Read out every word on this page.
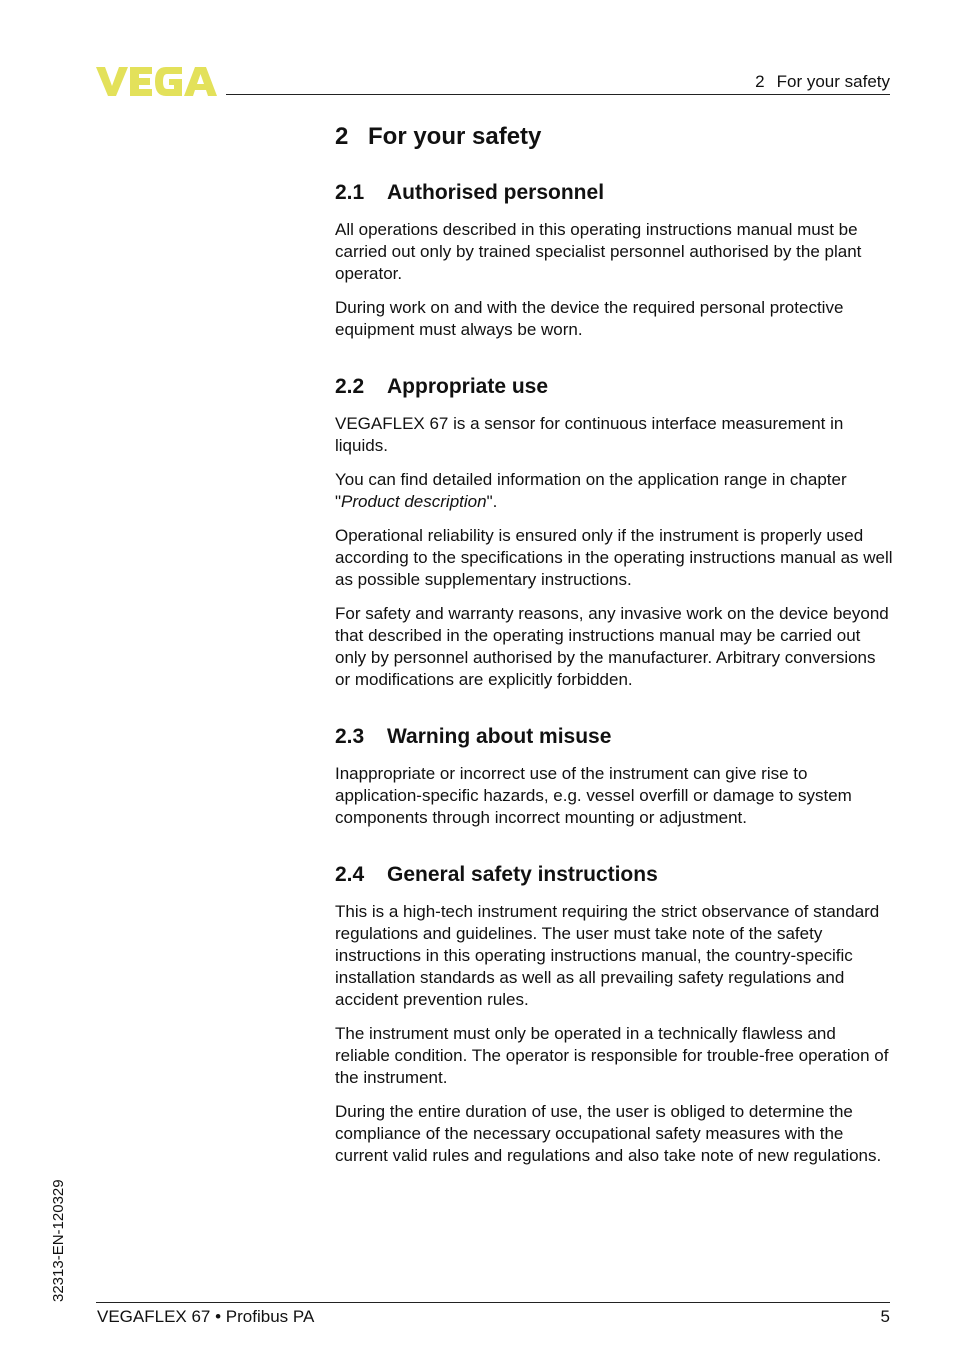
2 For your safety
2 For your safety
2.1 Authorised personnel

All operations described in this operating instructions manual must be carried out only by trained specialist personnel authorised by the plant operator.

During work on and with the device the required personal protective equipment must always be worn.

2.2 Appropriate use

VEGAFLEX 67 is a sensor for continuous interface measurement in liquids.

You can find detailed information on the application range in chapter "Product description".

Operational reliability is ensured only if the instrument is properly used according to the specifications in the operating instructions manual as well as possible supplementary instructions.

For safety and warranty reasons, any invasive work on the device beyond that described in the operating instructions manual may be carried out only by personnel authorised by the manufacturer. Arbitrary conversions or modifications are explicitly forbidden.

2.3 Warning about misuse

Inappropriate or incorrect use of the instrument can give rise to application-specific hazards, e.g. vessel overfill or damage to system components through incorrect mounting or adjustment.

2.4 General safety instructions

This is a high-tech instrument requiring the strict observance of standard regulations and guidelines. The user must take note of the safety instructions in this operating instructions manual, the country-specific installation standards as well as all prevailing safety regulations and accident prevention rules.

The instrument must only be operated in a technically flawless and reliable condition. The operator is responsible for trouble-free operation of the instrument.

During the entire duration of use, the user is obliged to determine the compliance of the necessary occupational safety measures with the current valid rules and regulations and also take note of new regulations.

32313-EN-120329
VEGAFLEX 67 • Profibus PA	5
